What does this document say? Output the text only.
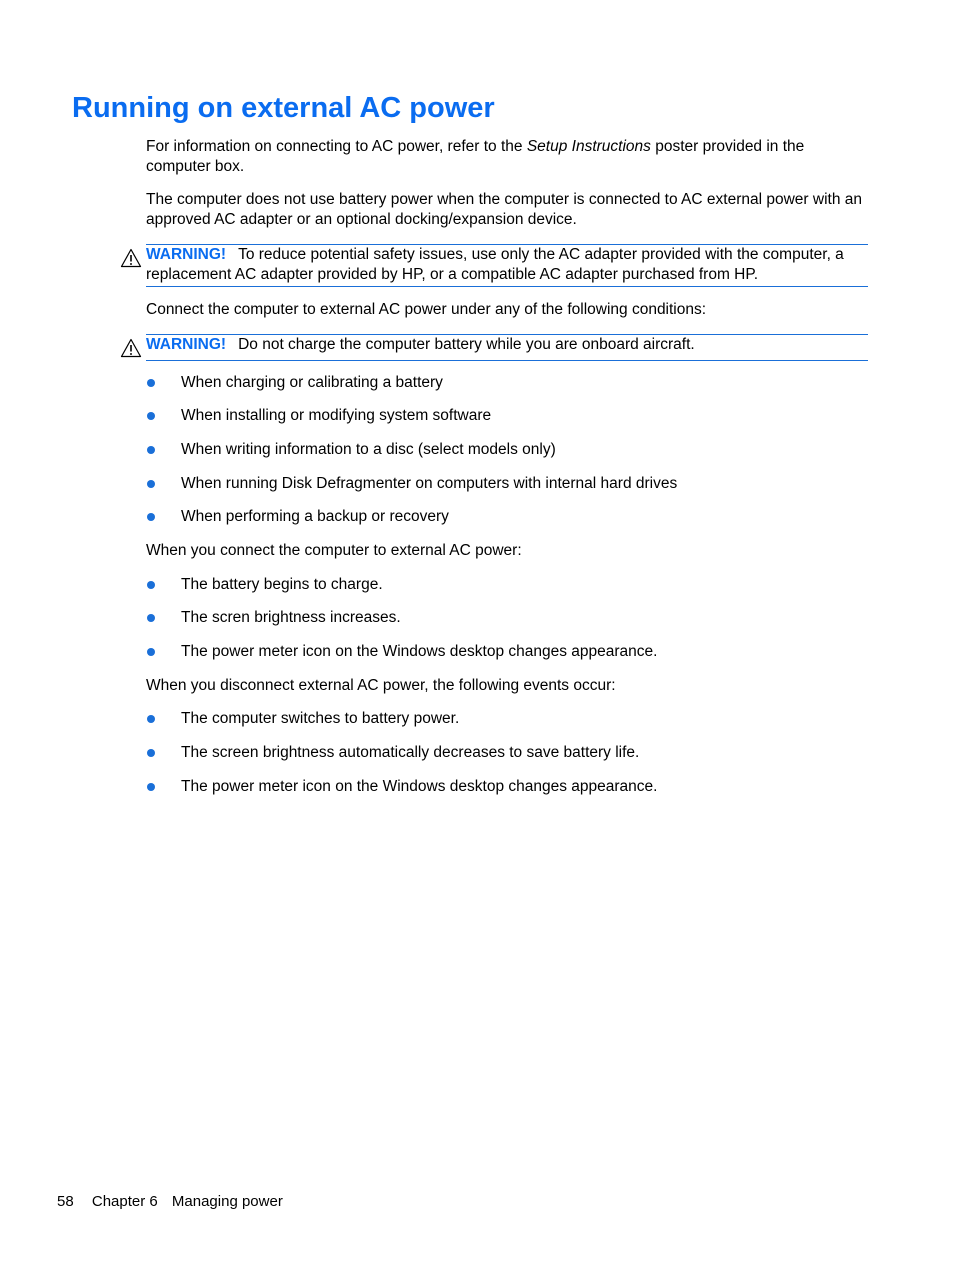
Running on external AC power

For information on connecting to AC power, refer to the Setup Instructions poster provided in the computer box.

The computer does not use battery power when the computer is connected to AC external power with an approved AC adapter or an optional docking/expansion device.

WARNING! To reduce potential safety issues, use only the AC adapter provided with the computer, a replacement AC adapter provided by HP, or a compatible AC adapter purchased from HP.

Connect the computer to external AC power under any of the following conditions:

WARNING! Do not charge the computer battery while you are onboard aircraft.
When charging or calibrating a battery
When installing or modifying system software
When writing information to a disc (select models only)
When running Disk Defragmenter on computers with internal hard drives
When performing a backup or recovery

When you connect the computer to external AC power:

The battery begins to charge.
The scren brightness increases.
The power meter icon on the Windows desktop changes appearance.

When you disconnect external AC power, the following events occur:

The computer switches to battery power.
The screen brightness automatically decreases to save battery life.
The power meter icon on the Windows desktop changes appearance.
58 Chapter 6 Managing power
